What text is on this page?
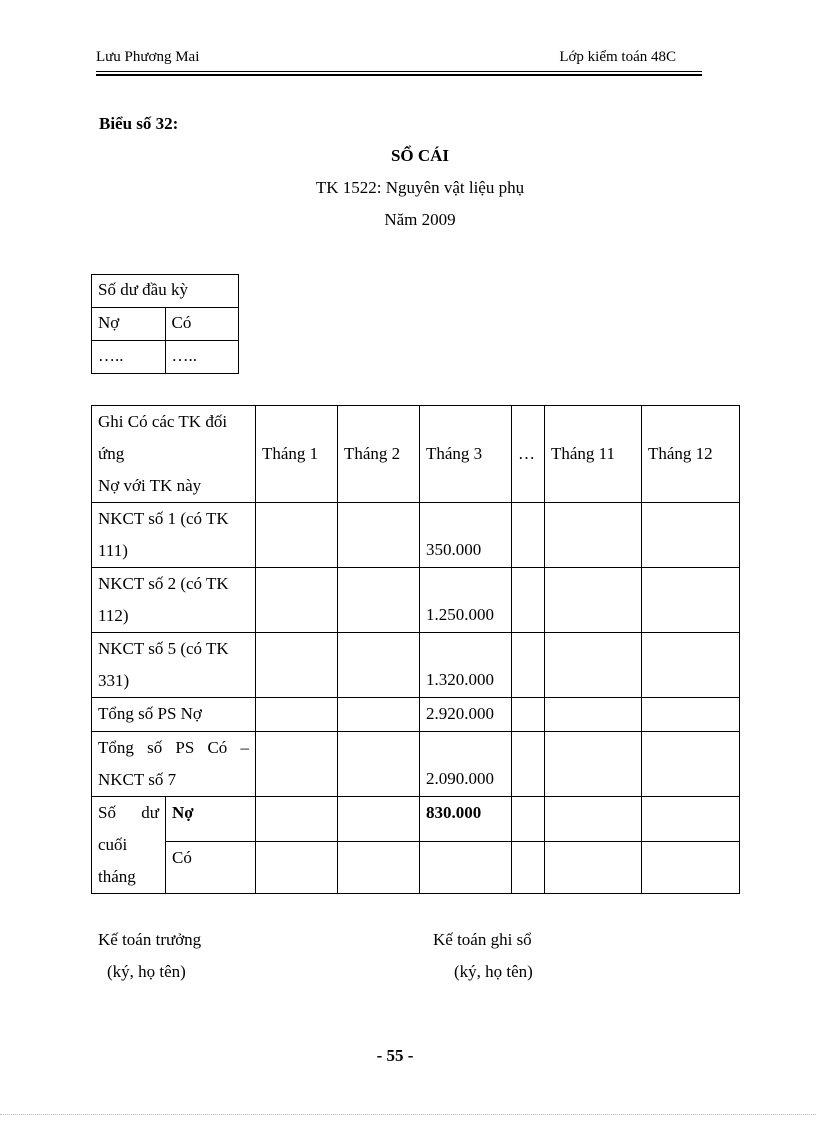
Lưu Phương Mai	Lớp kiểm toán 48C
Biểu số 32:
SỔ CÁI
TK 1522: Nguyên vật liệu phụ
Năm 2009
Số dư đầu kỳ	
Nợ	Có
…..	…..
Ghi Có các TK đối
ứng
Nợ với TK này		Tháng 1	Tháng 2	Tháng 3	…	Tháng 11	Tháng 12

NKCT số 1 (có TK
111)				350.000			

NKCT số 2 (có TK
112)				1.250.000			

NKCT số 5 (có TK
331)				1.320.000			
Tổng số PS Nợ				2.920.000			

Tổng số PS Có –
NKCT số 7				2.090.000			

Số dư
cuối
tháng	Nợ			830.000			
	Có						
Kế toán trưởng
(ký, họ tên)
Kế toán ghi sổ
(ký, họ tên)
- 55 -
